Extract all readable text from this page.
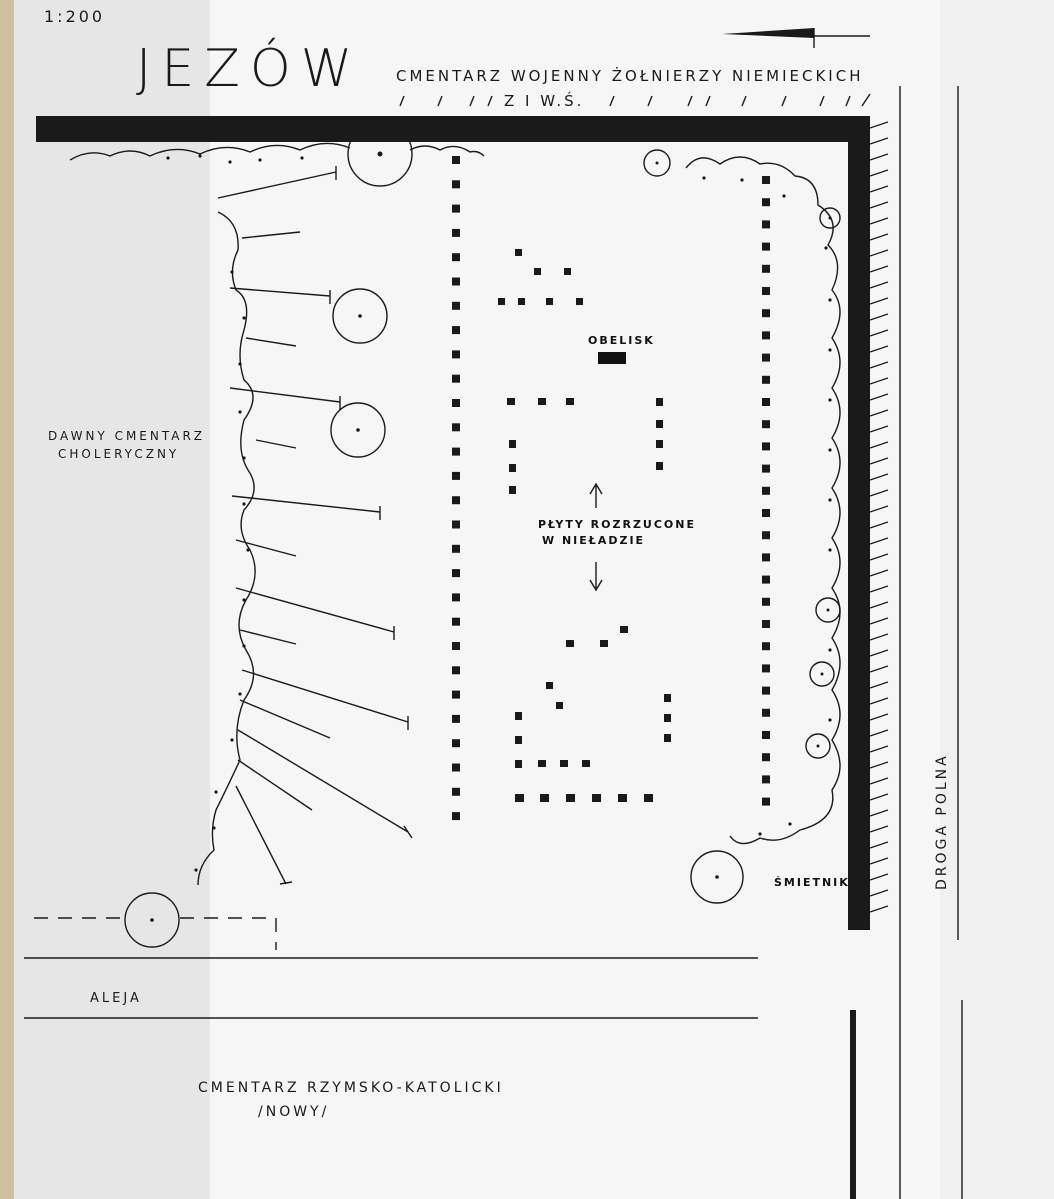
1:200
JEZÓW CMENTARZ WOJENNY ŻOŁNIERZY NIEMIECKICH
Z I W.Ś.
DROGA POLNA
OBELISK
PŁYTY ROZRZUCONE
W NIEŁADZIE
ŚMIETNIK
ALEJA
DAWNY CMENTARZ
CHOLERYCZNY
CMENTARZ RZYMSKO-KATOLICKI
/NOWY/
